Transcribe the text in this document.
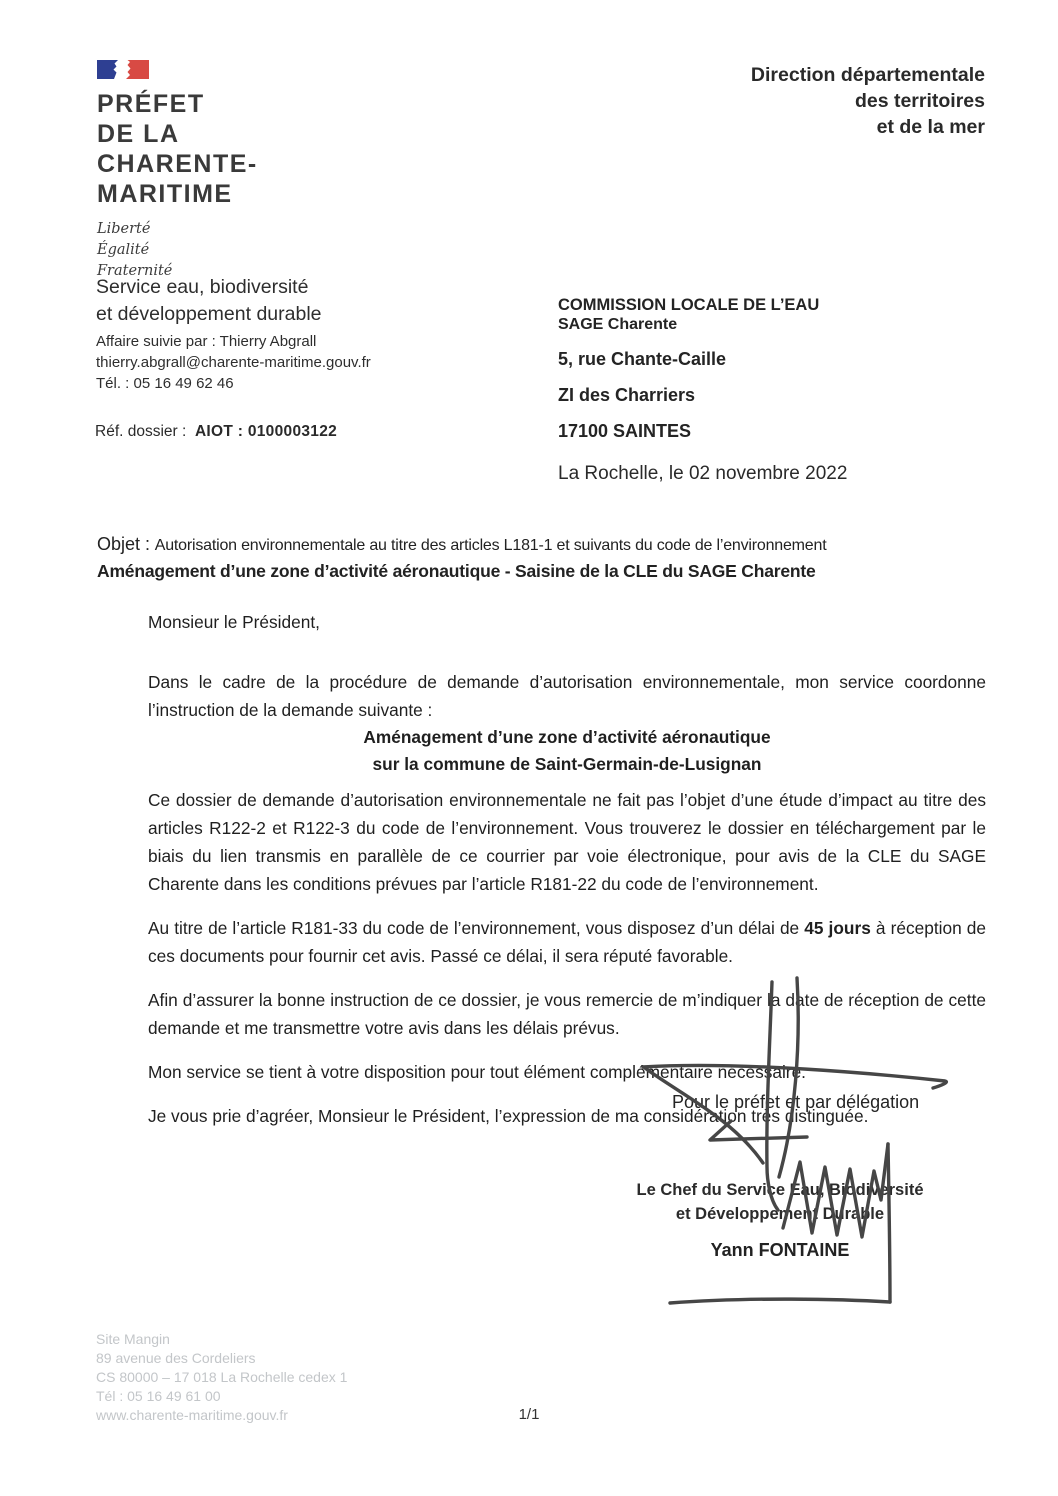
PRÉFET
DE LA
CHARENTE-
MARITIME
Liberté
Égalité
Fraternité
Direction départementale
des territoires
et de la mer
Service eau, biodiversité
et développement durable
Affaire suivie par : Thierry Abgrall
thierry.abgrall@charente-maritime.gouv.fr
Tél. : 05 16 49 62 46
Réf. dossier : AIOT : 0100003122
COMMISSION LOCALE DE L’EAU
SAGE Charente
5, rue Chante-Caille
ZI des Charriers
17100 SAINTES
La Rochelle, le 02 novembre 2022
Objet : Autorisation environnementale au titre des articles L181-1 et suivants du code de l’environnement
Aménagement d’une zone d’activité aéronautique - Saisine de la CLE du SAGE Charente

Monsieur le Président,

Dans le cadre de la procédure de demande d’autorisation environnementale, mon service coordonne l’instruction de la demande suivante :

Aménagement d’une zone d’activité aéronautique
sur la commune de Saint-Germain-de-Lusignan

Ce dossier de demande d’autorisation environnementale ne fait pas l’objet d’une étude d’impact au titre des articles R122-2 et R122-3 du code de l’environnement. Vous trouverez le dossier en téléchargement par le biais du lien transmis en parallèle de ce courrier par voie électronique, pour avis de la CLE du SAGE Charente dans les conditions prévues par l’article R181-22 du code de l’environnement.

Au titre de l’article R181-33 du code de l’environnement, vous disposez d’un délai de 45 jours à réception de ces documents pour fournir cet avis. Passé ce délai, il sera réputé favorable.

Afin d’assurer la bonne instruction de ce dossier, je vous remercie de m’indiquer la date de réception de cette demande et me transmettre votre avis dans les délais prévus.

Mon service se tient à votre disposition pour tout élément complémentaire nécessaire.

Je vous prie d’agréer, Monsieur le Président, l’expression de ma considération très distinguée.

Pour le préfet et par délégation
Le Chef du Service Eau, Biodiversité
et Développement Durable
Yann FONTAINE
Site Mangin
89 avenue des Cordeliers
CS 80000 – 17 018 La Rochelle cedex 1
Tél : 05 16 49 61 00
www.charente-maritime.gouv.fr	1/1
